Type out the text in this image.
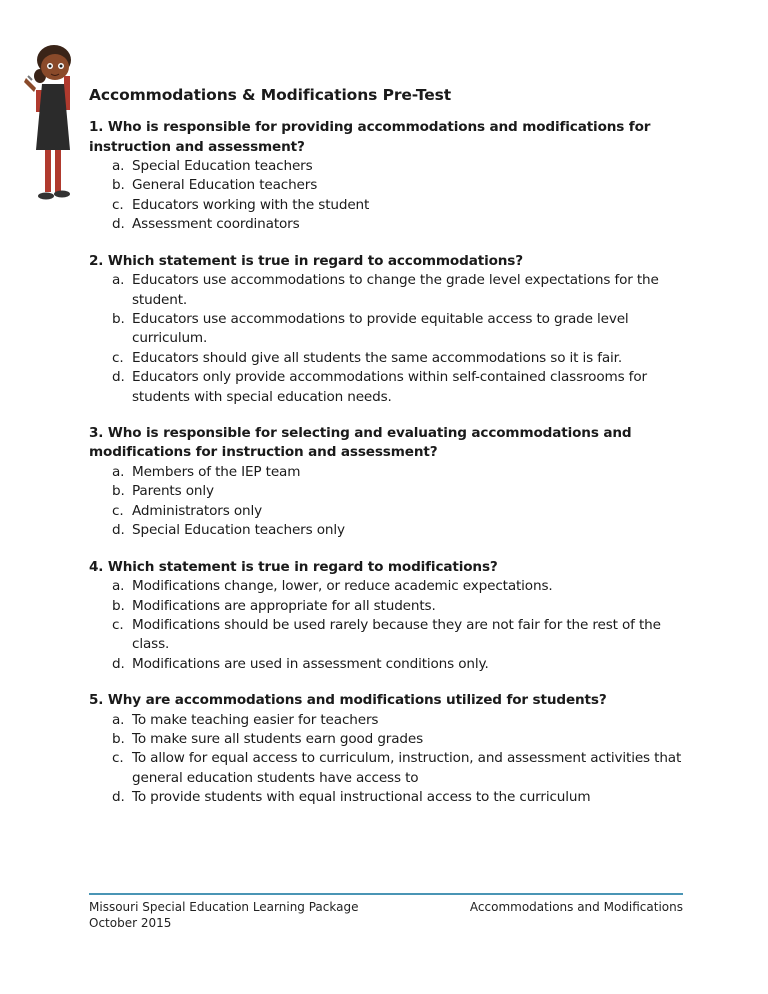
Accommodations & Modifications Pre-Test
1. Who is responsible for providing accommodations and modifications for instruction and assessment?
a. Special Education teachers
b. General Education teachers
c. Educators working with the student
d. Assessment coordinators
2. Which statement is true in regard to accommodations?
a. Educators use accommodations to change the grade level expectations for the student.
b. Educators use accommodations to provide equitable access to grade level curriculum.
c. Educators should give all students the same accommodations so it is fair.
d. Educators only provide accommodations within self-contained classrooms for students with special education needs.
3. Who is responsible for selecting and evaluating accommodations and modifications for instruction and assessment?
a. Members of the IEP team
b. Parents only
c. Administrators only
d. Special Education teachers only
4. Which statement is true in regard to modifications?
a. Modifications change, lower, or reduce academic expectations.
b. Modifications are appropriate for all students.
c. Modifications should be used rarely because they are not fair for the rest of the class.
d. Modifications are used in assessment conditions only.
5. Why are accommodations and modifications utilized for students?
a. To make teaching easier for teachers
b. To make sure all students earn good grades
c. To allow for equal access to curriculum, instruction, and assessment activities that general education students have access to
d. To provide students with equal instructional access to the curriculum
Missouri Special Education Learning Package
October 2015
Accommodations and Modifications
